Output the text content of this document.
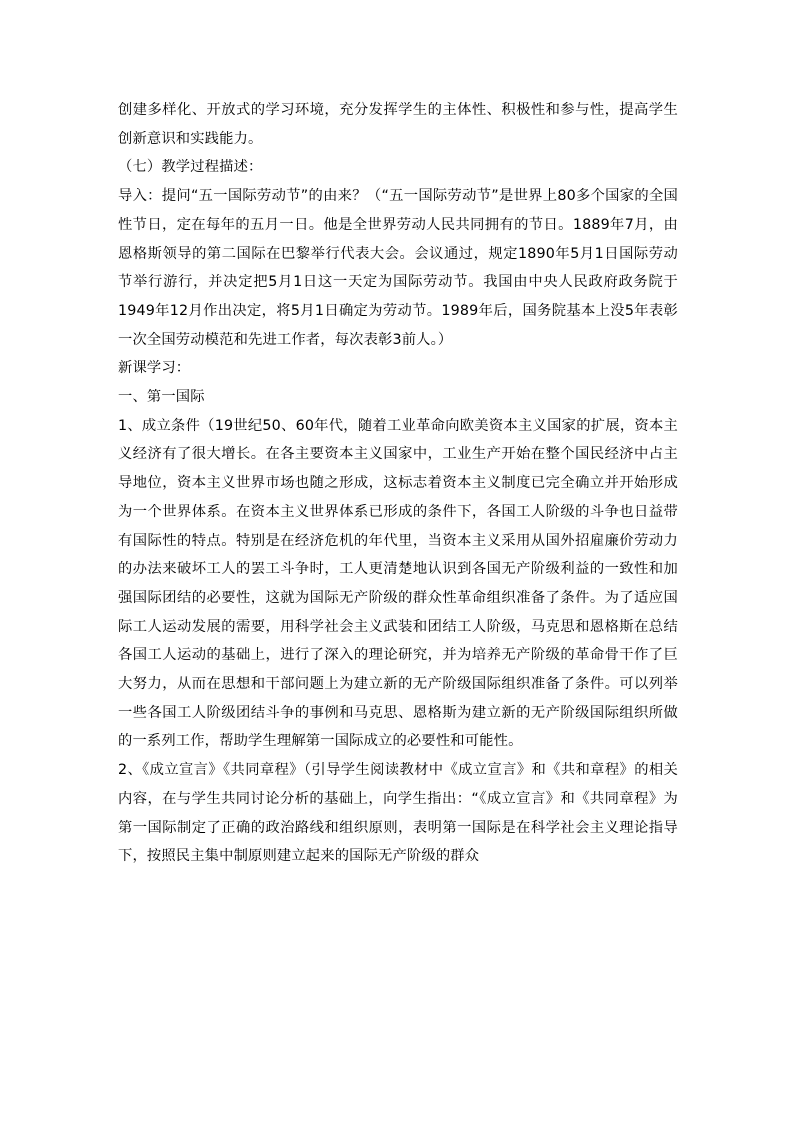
创建多样化、开放式的学习环境，充分发挥学生的主体性、积极性和参与性，提高学生创新意识和实践能力。

（七）教学过程描述：

导入：提问“五一国际劳动节”的由来？（“五一国际劳动节”是世界上80多个国家的全国性节日，定在每年的五月一日。他是全世界劳动人民共同拥有的节日。1889年7月，由恩格斯领导的第二国际在巴黎举行代表大会。会议通过，规定1890年5月1日国际劳动节举行游行，并决定把5月1日这一天定为国际劳动节。我国由中央人民政府政务院于1949年12月作出决定，将5月1日确定为劳动节。1989年后，国务院基本上没5年表彰一次全国劳动模范和先进工作者，每次表彰3前人。）

新课学习：

一、第一国际

1、成立条件（19世纪50、60年代，随着工业革命向欧美资本主义国家的扩展，资本主义经济有了很大增长。在各主要资本主义国家中，工业生产开始在整个国民经济中占主导地位，资本主义世界市场也随之形成，这标志着资本主义制度已完全确立并开始形成为一个世界体系。在资本主义世界体系已形成的条件下，各国工人阶级的斗争也日益带有国际性的特点。特别是在经济危机的年代里，当资本主义采用从国外招雇廉价劳动力的办法来破坏工人的罢工斗争时，工人更清楚地认识到各国无产阶级利益的一致性和加强国际团结的必要性，这就为国际无产阶级的群众性革命组织准备了条件。为了适应国际工人运动发展的需要，用科学社会主义武装和团结工人阶级，马克思和恩格斯在总结各国工人运动的基础上，进行了深入的理论研究，并为培养无产阶级的革命骨干作了巨大努力，从而在思想和干部问题上为建立新的无产阶级国际组织准备了条件。可以列举一些各国工人阶级团结斗争的事例和马克思、恩格斯为建立新的无产阶级国际组织所做的一系列工作，帮助学生理解第一国际成立的必要性和可能性。

2、《成立宣言》《共同章程》（引导学生阅读教材中《成立宣言》和《共和章程》的相关内容，在与学生共同讨论分析的基础上，向学生指出：“《成立宣言》和《共同章程》为第一国际制定了正确的政治路线和组织原则，表明第一国际是在科学社会主义理论指导下，按照民主集中制原则建立起来的国际无产阶级的群众
